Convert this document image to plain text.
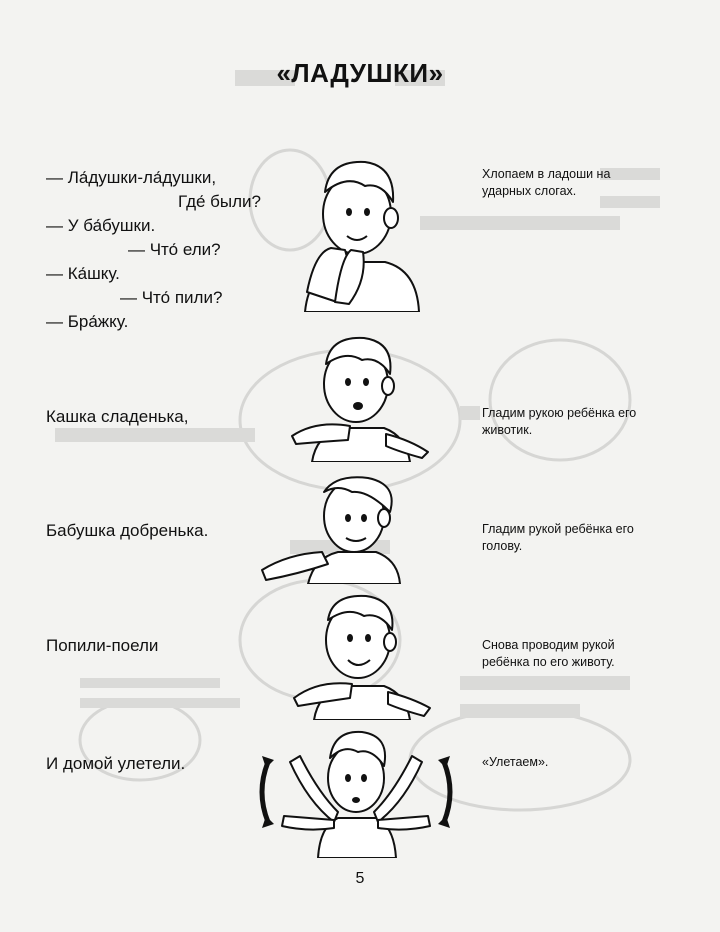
«ЛАДУШКИ»
— Ла́душки-ла́душки,
Где́ были?
— У ба́бушки.
— Что́ ели?
— Ка́шку.
— Что́ пили?
— Бра́жку.
Кашка сладенька,
Бабушка добренька.
Попили-поели
И домой улетели.
Хлопаем в ладоши на ударных слогах.
Гладим рукою ребёнка его животик.
Гладим рукой ребёнка его голову.
Снова проводим рукой ребёнка по его животу.
«Улетаем».
5
